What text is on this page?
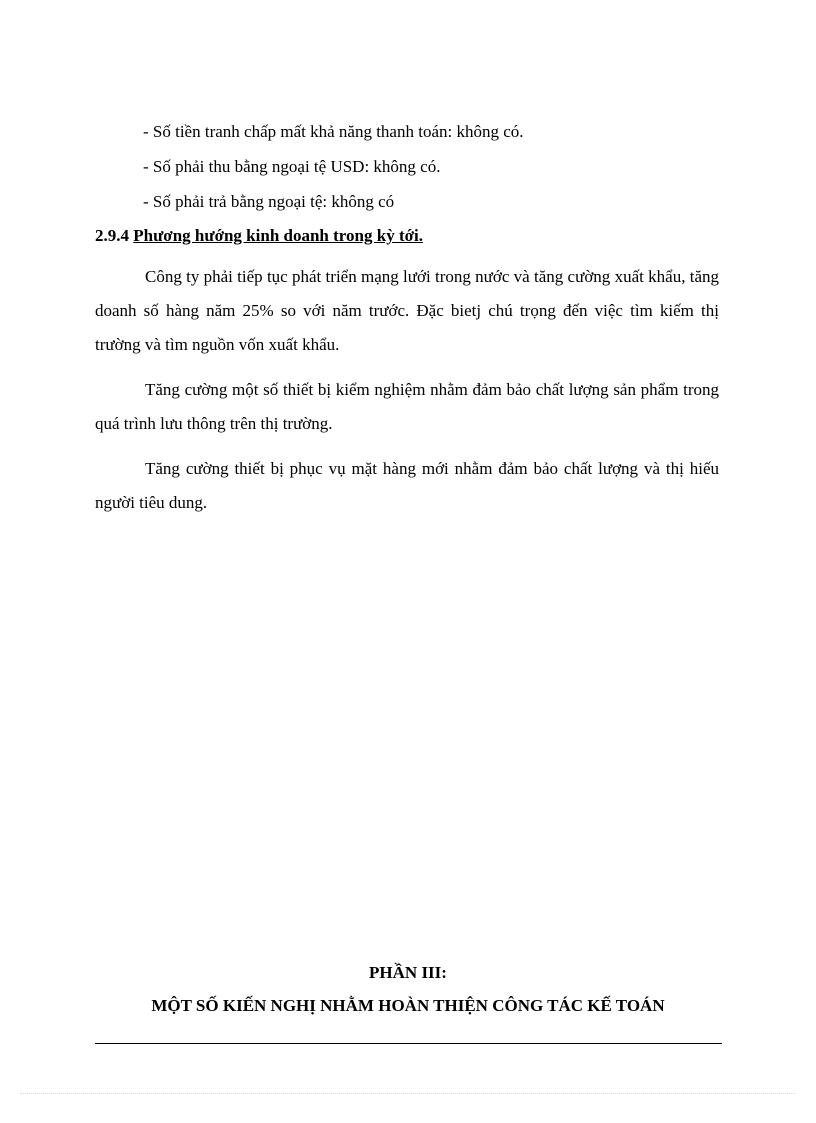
- Số tiền tranh chấp mất khả năng thanh toán: không có.
- Số phải thu bằng ngoại tệ USD: không có.
- Số phải trả bằng ngoại tệ: không có
2.9.4 Phương hướng kinh doanh trong kỳ tới.
Công ty phải tiếp tục phát triển mạng lưới trong nước và tăng cường xuất khẩu, tăng doanh số hàng năm 25% so với năm trước. Đặc bietj chú trọng đến việc tìm kiếm thị trường và tìm nguồn vốn xuất khẩu.
Tăng cường một số thiết bị kiểm nghiệm nhằm đảm bảo chất lượng sản phẩm trong quá trình lưu thông trên thị trường.
Tăng cường thiết bị phục vụ mặt hàng mới nhằm đảm bảo chất lượng và thị hiếu người tiêu dung.
PHẦN III:
MỘT SỐ KIẾN NGHỊ NHẰM HOÀN THIỆN CÔNG TÁC KẾ TOÁN
